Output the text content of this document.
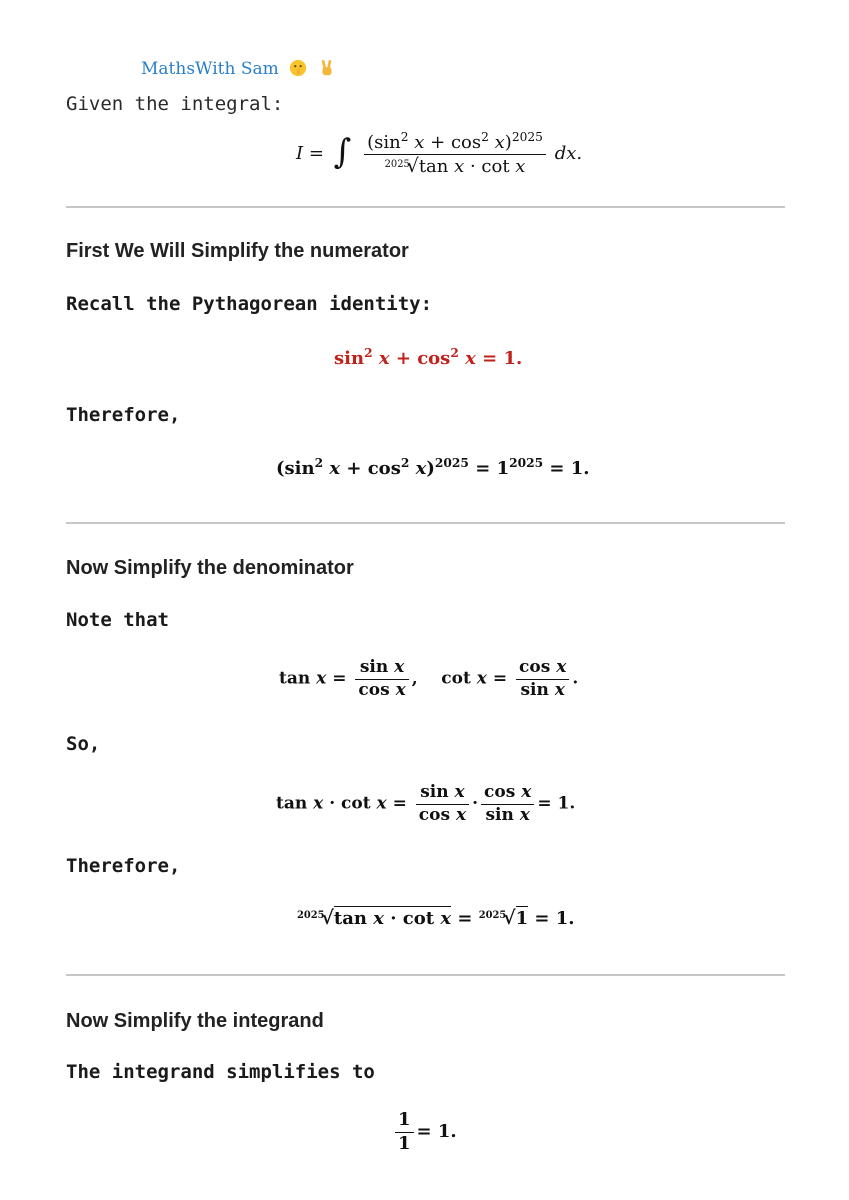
MathsWith Sam
Given the integral:
I = ∫ $\frac{(\sin^2 x + \cos^2 x)^{2025}}{^{2025}√\tan x \cdot \cot x}$ dx.
First We Will Simplify the numerator
Recall the Pythagorean identity:
$\sin^2 x + \cos^2 x = 1$.
Therefore,
($\sin^2$ $x + \cos^2 x)^{2025} = 1^{2025} = 1$.
Now Simplify the denominator
Note that
$\tan x = \frac{\text{sin x}}{\text{cos x}}$ ,    $\cot x = \frac{\text{cos x}}{\text{sin x}}$ .
So,
$\tan x \cdot \cot x = \frac{\text{sin x}}{\text{cos x}} \cdot \frac{\text{cos x}}{\text{sin x}} = 1$.
Therefore,
$^{2025}$√tan x · cot x = $^{2025}$√1 = 1.
Now Simplify the integrand
The integrand simplifies to
$\frac{1}{1} = 1$.
